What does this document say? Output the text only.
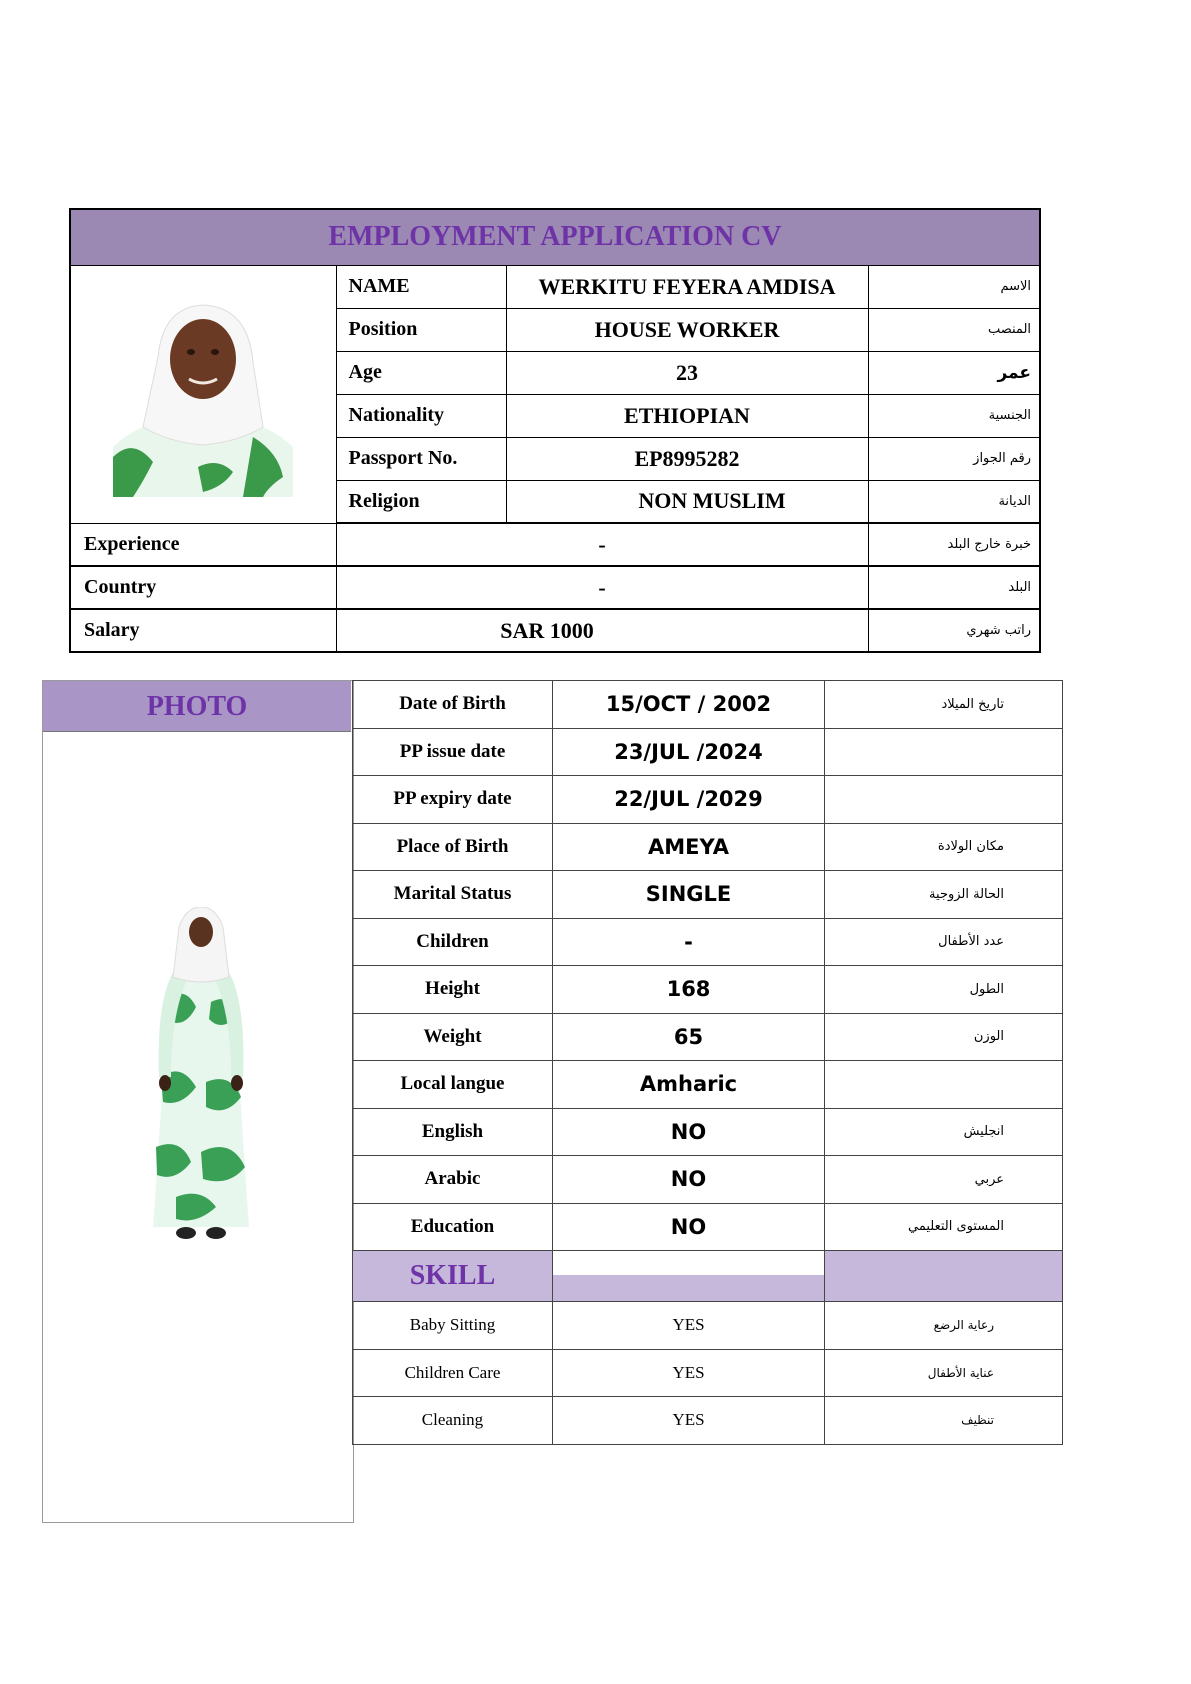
EMPLOYMENT APPLICATION CV			
	NAME	WERKITU FEYERA AMDISA	الاسم
	Position	HOUSE WORKER	المنصب
	Age	23	عمر
	Nationality	ETHIOPIAN	الجنسية
	Passport No.	EP8995282	رقم الجواز
	Religion	NON MUSLIM	الديانة
Experience	-		خبرة خارج البلد
Country	-		البلد
Salary	SAR 1000		راتب شهري
PHOTO	Date of Birth	15/OCT / 2002	تاريخ الميلاد
PP issue date	23/JUL /2024	
PP expiry date	22/JUL /2029	
Place of Birth	AMEYA	مكان الولادة
Marital Status	SINGLE	الحالة الزوجية
Children	-	عدد الأطفال
Height	168	الطول
Weight	65	الوزن
Local langue	Amharic	
English	NO	انجليش
Arabic	NO	عربي
Education	NO	المستوى التعليمي
SKILL	

Baby Sitting	YES	رعاية الرضع
Children Care	YES	عناية الأطفال
Cleaning	YES	تنظيف
